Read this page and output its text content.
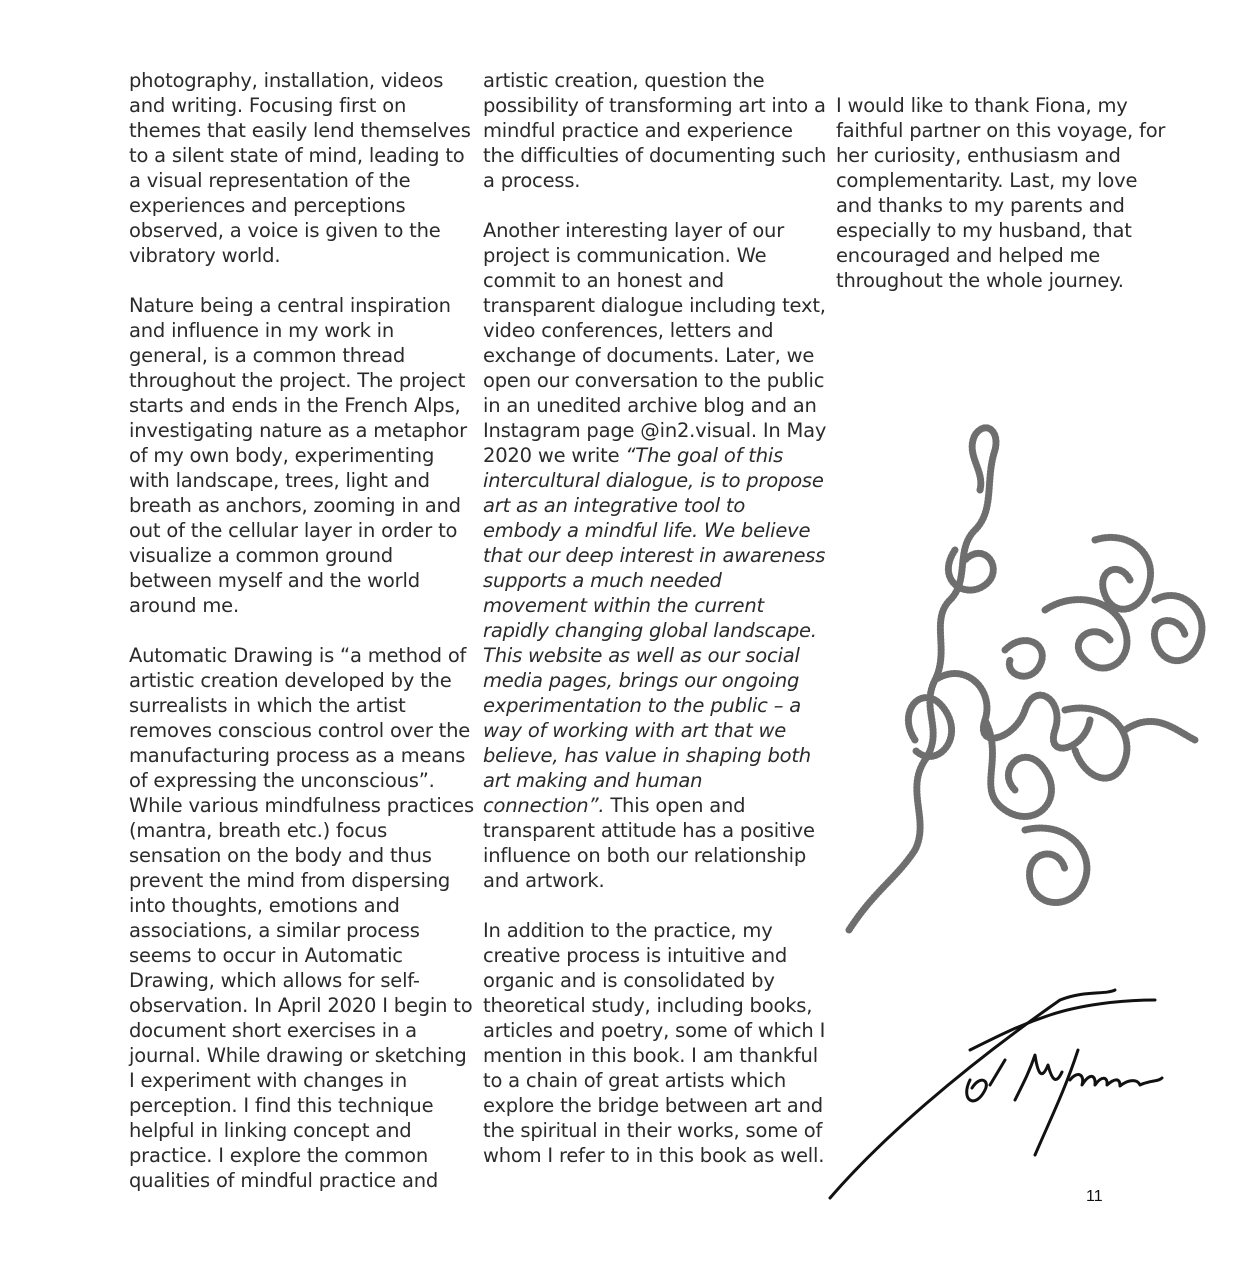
photography, installation, videos and writing. Focusing first on themes that easily lend themselves to a silent state of mind, leading to a visual representation of the experiences and perceptions observed, a voice is given to the vibratory world.

Nature being a central inspiration and influence in my work in general, is a common thread throughout the project. The project starts and ends in the French Alps, investigating nature as a metaphor of my own body, experimenting with landscape, trees, light and breath as anchors, zooming in and out of the cellular layer in order to visualize a common ground between myself and the world around me.

Automatic Drawing is “a method of artistic creation developed by the surrealists in which the artist removes conscious control over the manufacturing process as a means of expressing the unconscious”. While various mindfulness practices (mantra, breath etc.) focus sensation on the body and thus prevent the mind from dispersing into thoughts, emotions and associations, a similar process seems to occur in Automatic Drawing, which allows for self-observation. In April 2020 I begin to document short exercises in a journal. While drawing or sketching I experiment with changes in perception. I find this technique helpful in linking concept and practice. I explore the common qualities of mindful practice and

artistic creation, question the possibility of transforming art into a mindful practice and experience the difficulties of documenting such a process.

Another interesting layer of our project is communication. We commit to an honest and transparent dialogue including text, video conferences, letters and exchange of documents. Later, we open our conversation to the public in an unedited archive blog and an Instagram page @in2.visual. In May 2020 we write “The goal of this intercultural dialogue, is to propose art as an integrative tool to embody a mindful life. We believe that our deep interest in awareness supports a much needed movement within the current rapidly changing global landscape. This website as well as our social media pages, brings our ongoing experimentation to the public – a way of working with art that we believe, has value in shaping both art making and human connection”. This open and transparent attitude has a positive influence on both our relationship and artwork.

In addition to the practice, my creative process is intuitive and organic and is consolidated by theoretical study, including books, articles and poetry, some of which I mention in this book. I am thankful to a chain of great artists which explore the bridge between art and the spiritual in their works, some of whom I refer to in this book as well.

I would like to thank Fiona, my faithful partner on this voyage, for her curiosity, enthusiasm and complementarity. Last, my love and thanks to my parents and especially to my husband, that encouraged and helped me throughout the whole journey.

11
